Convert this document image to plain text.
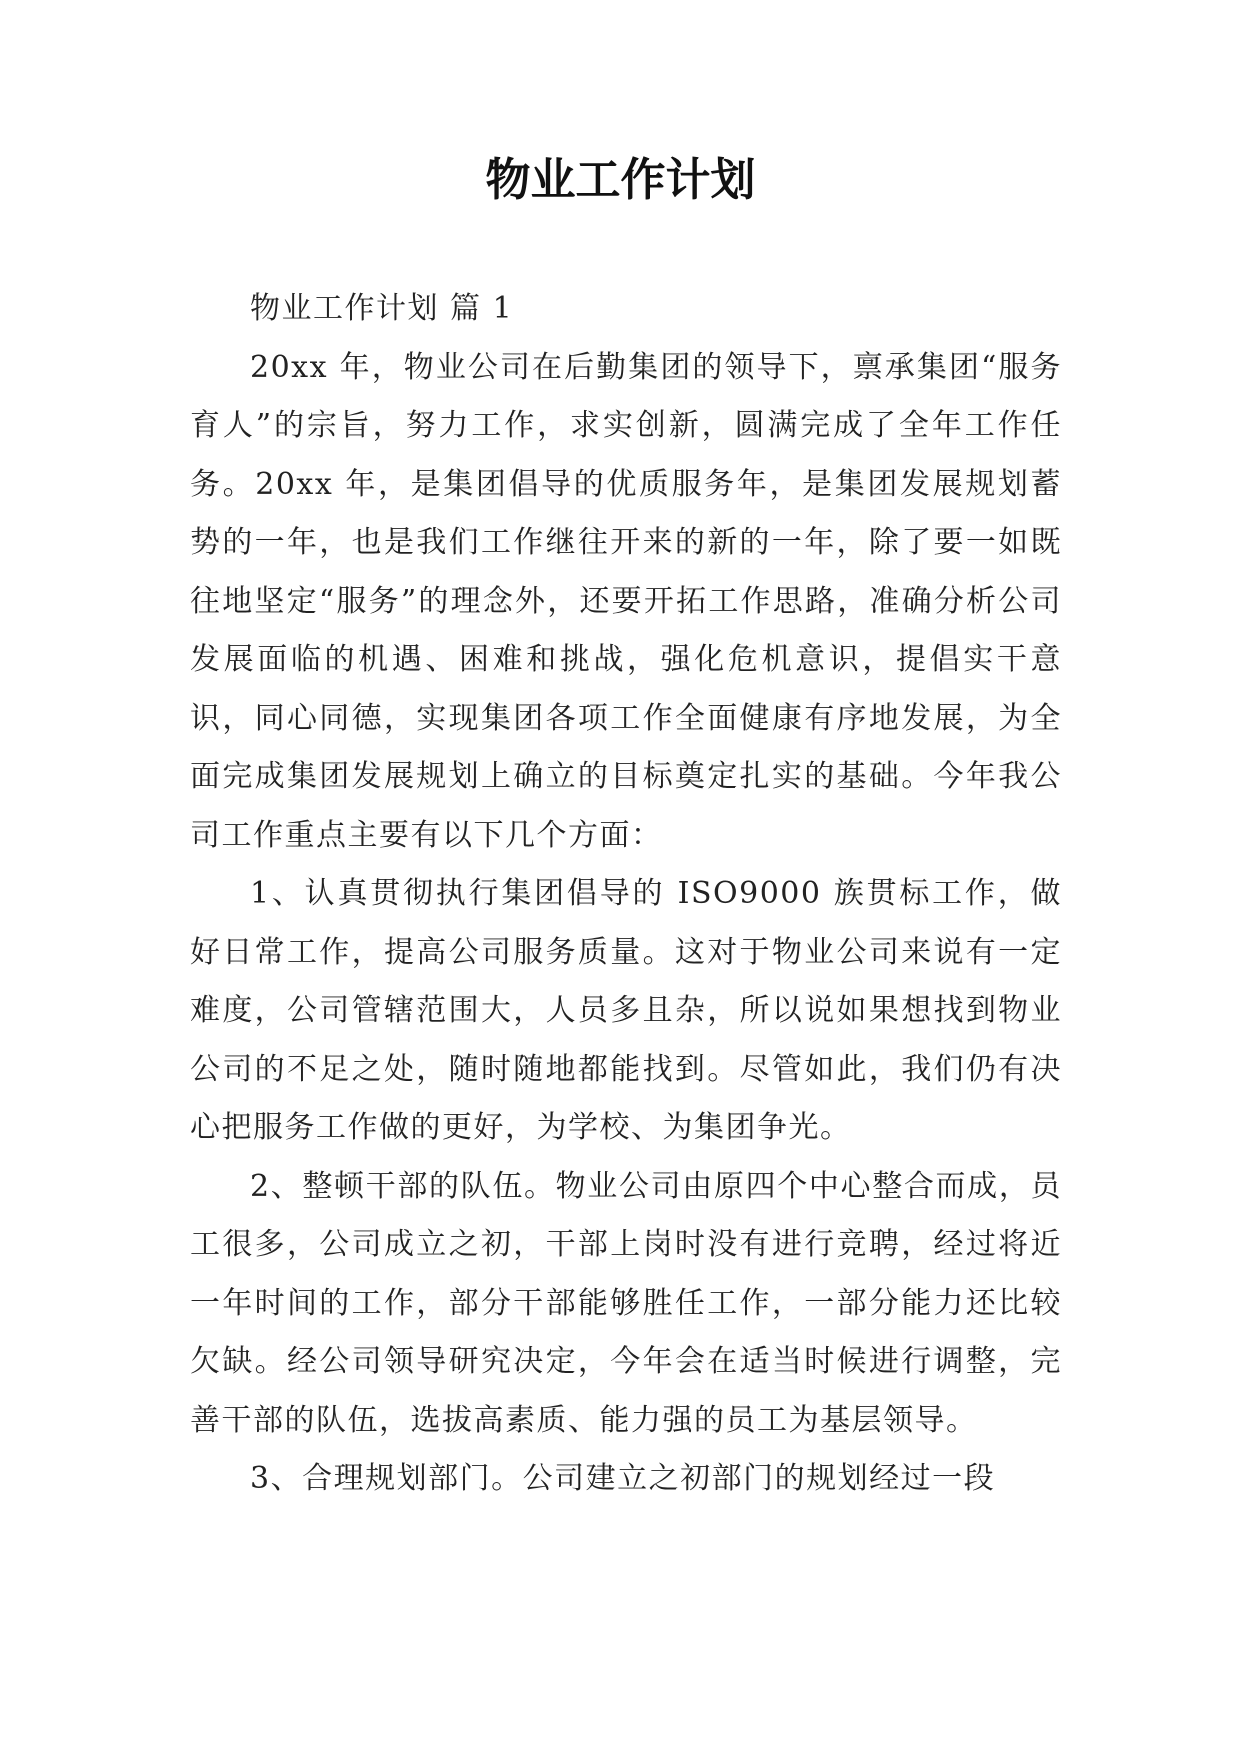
物业工作计划

物业工作计划 篇 1

20xx 年，物业公司在后勤集团的领导下，禀承集团“服务育人”的宗旨，努力工作，求实创新，圆满完成了全年工作任务。20xx 年，是集团倡导的优质服务年，是集团发展规划蓄势的一年，也是我们工作继往开来的新的一年，除了要一如既往地坚定“服务”的理念外，还要开拓工作思路，准确分析公司发展面临的机遇、困难和挑战，强化危机意识，提倡实干意识，同心同德，实现集团各项工作全面健康有序地发展，为全面完成集团发展规划上确立的目标奠定扎实的基础。今年我公司工作重点主要有以下几个方面：

1、认真贯彻执行集团倡导的 ISO9000 族贯标工作，做好日常工作，提高公司服务质量。这对于物业公司来说有一定难度，公司管辖范围大，人员多且杂，所以说如果想找到物业公司的不足之处，随时随地都能找到。尽管如此，我们仍有决心把服务工作做的更好，为学校、为集团争光。

2、整顿干部的队伍。物业公司由原四个中心整合而成，员工很多，公司成立之初，干部上岗时没有进行竞聘，经过将近一年时间的工作，部分干部能够胜任工作，一部分能力还比较欠缺。经公司领导研究决定，今年会在适当时候进行调整，完善干部的队伍，选拔高素质、能力强的员工为基层领导。

3、合理规划部门。公司建立之初部门的规划经过一段
